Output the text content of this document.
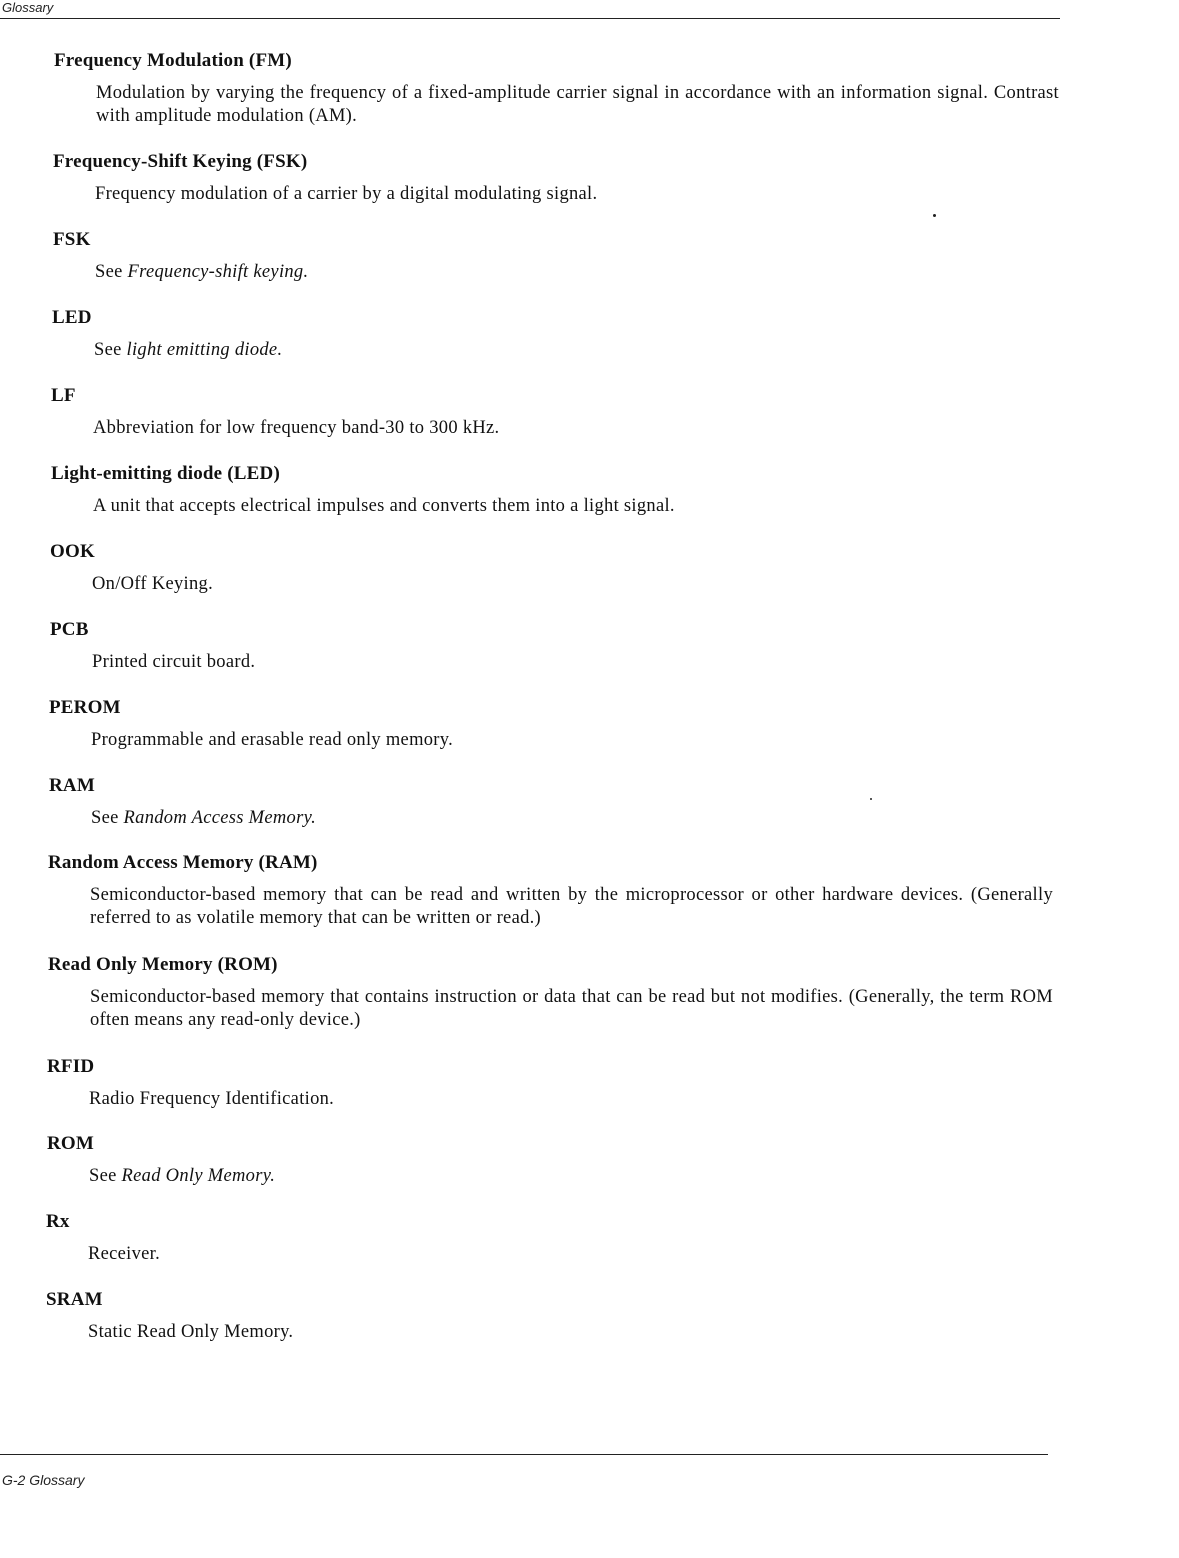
Glossary
Frequency Modulation (FM)
Modulation by varying the frequency of a fixed-amplitude carrier signal in accordance with an information signal. Contrast with amplitude modulation (AM).
Frequency-Shift Keying (FSK)
Frequency modulation of a carrier by a digital modulating signal.
FSK
See Frequency-shift keying.
LED
See light emitting diode.
LF
Abbreviation for low frequency band-30 to 300 kHz.
Light-emitting diode (LED)
A unit that accepts electrical impulses and converts them into a light signal.
OOK
On/Off Keying.
PCB
Printed circuit board.
PEROM
Programmable and erasable read only memory.
RAM
See Random Access Memory.
Random Access Memory (RAM)
Semiconductor-based memory that can be read and written by the microprocessor or other hardware devices. (Generally referred to as volatile memory that can be written or read.)
Read Only Memory (ROM)
Semiconductor-based memory that contains instruction or data that can be read but not modifies. (Generally, the term ROM often means any read-only device.)
RFID
Radio Frequency Identification.
ROM
See Read Only Memory.
Rx
Receiver.
SRAM
Static Read Only Memory.
G-2 Glossary
